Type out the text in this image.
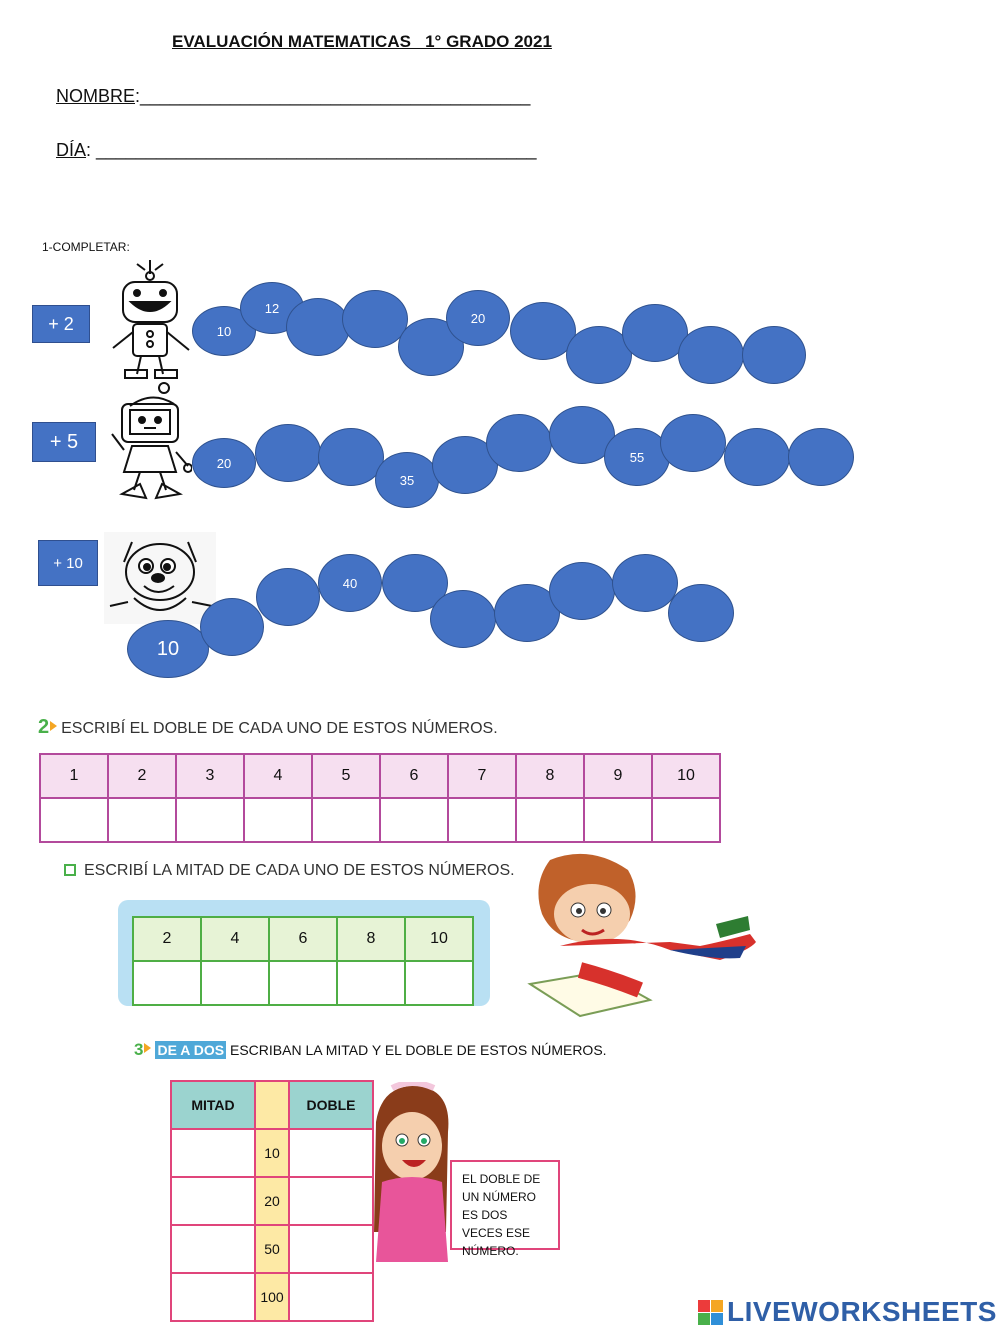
EVALUACIÓN MATEMATICAS   1° GRADO 2021
NOMBRE:_______________________________________
DÍA: ____________________________________________
1-COMPLETAR:
+ 2	10
12
20
+ 5
20
35
55
+ 10
10
40
2 ESCRIBÍ EL DOBLE DE CADA UNO DE ESTOS NÚMEROS.
1	2	3	4	5	6	7	8	9	10

ESCRIBÍ LA MITAD DE CADA UNO DE ESTOS NÚMEROS.
2	4	6	8	10

3 DE A DOS ESCRIBAN LA MITAD Y EL DOBLE DE ESTOS NÚMEROS.
MITAD		DOBLE
	10	
	20	
	50	
	100	
EL DOBLE DE UN NÚMERO ES DOS VECES ESE NÚMERO.
LIVEWORKSHEETS
